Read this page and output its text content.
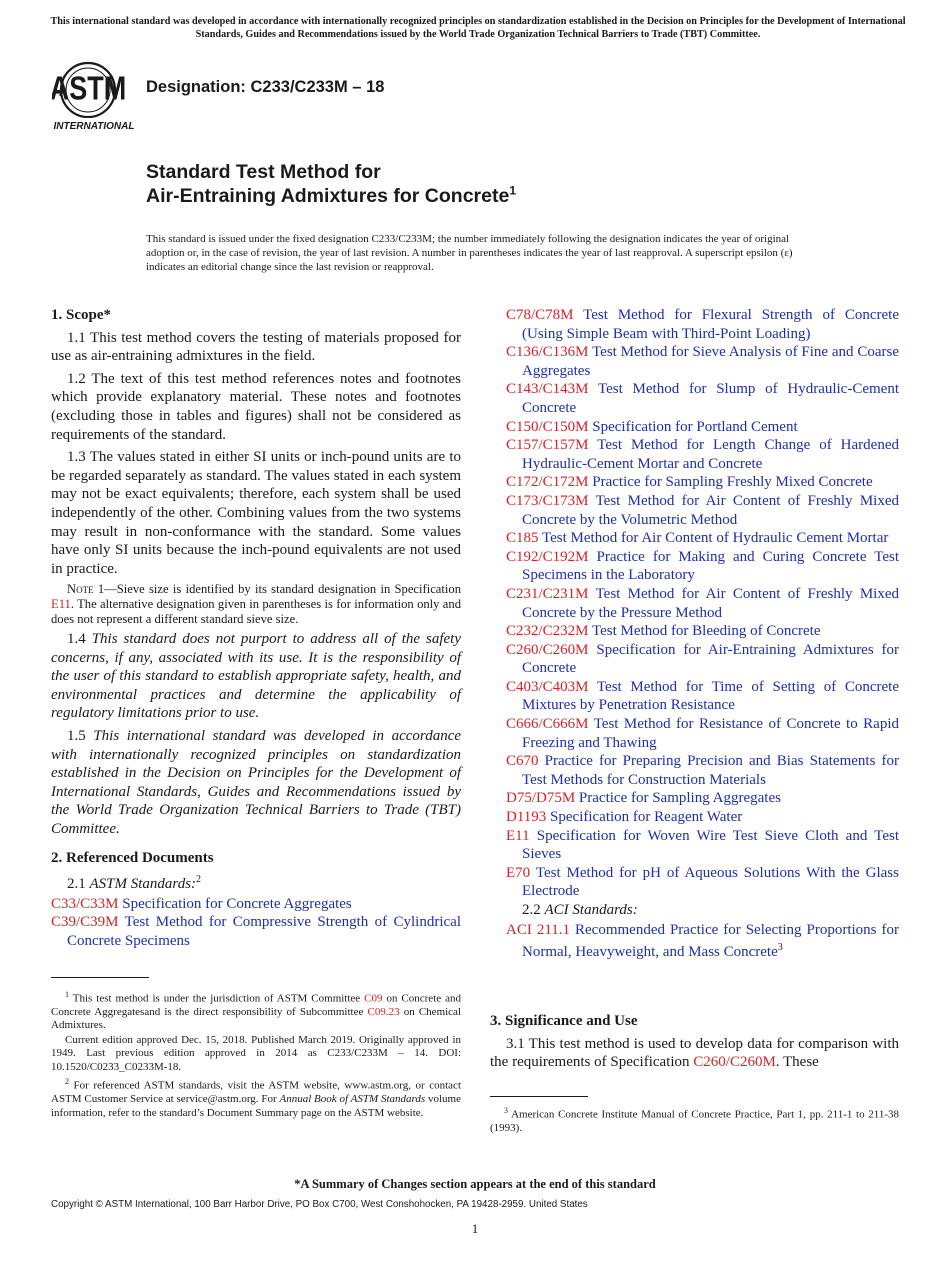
This international standard was developed in accordance with internationally recognized principles on standardization established in the Decision on Principles for the Development of International Standards, Guides and Recommendations issued by the World Trade Organization Technical Barriers to Trade (TBT) Committee.
ASTM
INTERNATIONAL
Designation: C233/C233M – 18
Standard Test Method for
Air-Entraining Admixtures for Concrete$^1$
This standard is issued under the fixed designation C233/C233M; the number immediately following the designation indicates the year of original adoption or, in the case of revision, the year of last revision. A number in parentheses indicates the year of last reapproval. A superscript epsilon (ε) indicates an editorial change since the last revision or reapproval.
1. Scope*

1.1 This test method covers the testing of materials proposed for use as air-entraining admixtures in the field.

1.2 The text of this test method references notes and footnotes which provide explanatory material. These notes and footnotes (excluding those in tables and figures) shall not be considered as requirements of the standard.

1.3 The values stated in either SI units or inch-pound units are to be regarded separately as standard. The values stated in each system may not be exact equivalents; therefore, each system shall be used independently of the other. Combining values from the two systems may result in non-conformance with the standard. Some values have only SI units because the inch-pound equivalents are not used in practice.

Note 1—Sieve size is identified by its standard designation in Specification E11. The alternative designation given in parentheses is for information only and does not represent a different standard sieve size.

1.4 This standard does not purport to address all of the safety concerns, if any, associated with its use. It is the responsibility of the user of this standard to establish appropriate safety, health, and environmental practices and determine the applicability of regulatory limitations prior to use.

1.5 This international standard was developed in accordance with internationally recognized principles on standardization established in the Decision on Principles for the Development of International Standards, Guides and Recommendations issued by the World Trade Organization Technical Barriers to Trade (TBT) Committee.

2. Referenced Documents
2.1 ASTM Standards:$^2$
C33/C33M Specification for Concrete Aggregates
C39/C39M Test Method for Compressive Strength of Cylindrical Concrete Specimens
C78/C78M Test Method for Flexural Strength of Concrete (Using Simple Beam with Third-Point Loading)
C136/C136M Test Method for Sieve Analysis of Fine and Coarse Aggregates
C143/C143M Test Method for Slump of Hydraulic-Cement Concrete
C150/C150M Specification for Portland Cement
C157/C157M Test Method for Length Change of Hardened Hydraulic-Cement Mortar and Concrete
C172/C172M Practice for Sampling Freshly Mixed Concrete
C173/C173M Test Method for Air Content of Freshly Mixed Concrete by the Volumetric Method
C185 Test Method for Air Content of Hydraulic Cement Mortar
C192/C192M Practice for Making and Curing Concrete Test Specimens in the Laboratory
C231/C231M Test Method for Air Content of Freshly Mixed Concrete by the Pressure Method
C232/C232M Test Method for Bleeding of Concrete
C260/C260M Specification for Air-Entraining Admixtures for Concrete
C403/C403M Test Method for Time of Setting of Concrete Mixtures by Penetration Resistance
C666/C666M Test Method for Resistance of Concrete to Rapid Freezing and Thawing
C670 Practice for Preparing Precision and Bias Statements for Test Methods for Construction Materials
D75/D75M Practice for Sampling Aggregates
D1193 Specification for Reagent Water
E11 Specification for Woven Wire Test Sieve Cloth and Test Sieves
E70 Test Method for pH of Aqueous Solutions With the Glass Electrode
2.2 ACI Standards:
ACI 211.1 Recommended Practice for Selecting Proportions for Normal, Heavyweight, and Mass Concrete$^3$
3. Significance and Use

3.1 This test method is used to develop data for comparison with the requirements of Specification C260/C260M. These

$^1$ This test method is under the jurisdiction of ASTM Committee C09 on Concrete and Concrete Aggregatesand is the direct responsibility of Subcommittee C09.23 on Chemical Admixtures.

Current edition approved Dec. 15, 2018. Published March 2019. Originally approved in 1949. Last previous edition approved in 2014 as C233/C233M – 14. DOI: 10.1520/C0233_C0233M-18.

$^2$ For referenced ASTM standards, visit the ASTM website, www.astm.org, or contact ASTM Customer Service at service@astm.org. For Annual Book of ASTM Standards volume information, refer to the standard’s Document Summary page on the ASTM website.	$^3$ American Concrete Institute Manual of Concrete Practice, Part 1, pp. 211-1 to 211-38 (1993).

*A Summary of Changes section appears at the end of this standard
Copyright © ASTM International, 100 Barr Harbor Drive, PO Box C700, West Conshohocken, PA 19428-2959. United States
1
